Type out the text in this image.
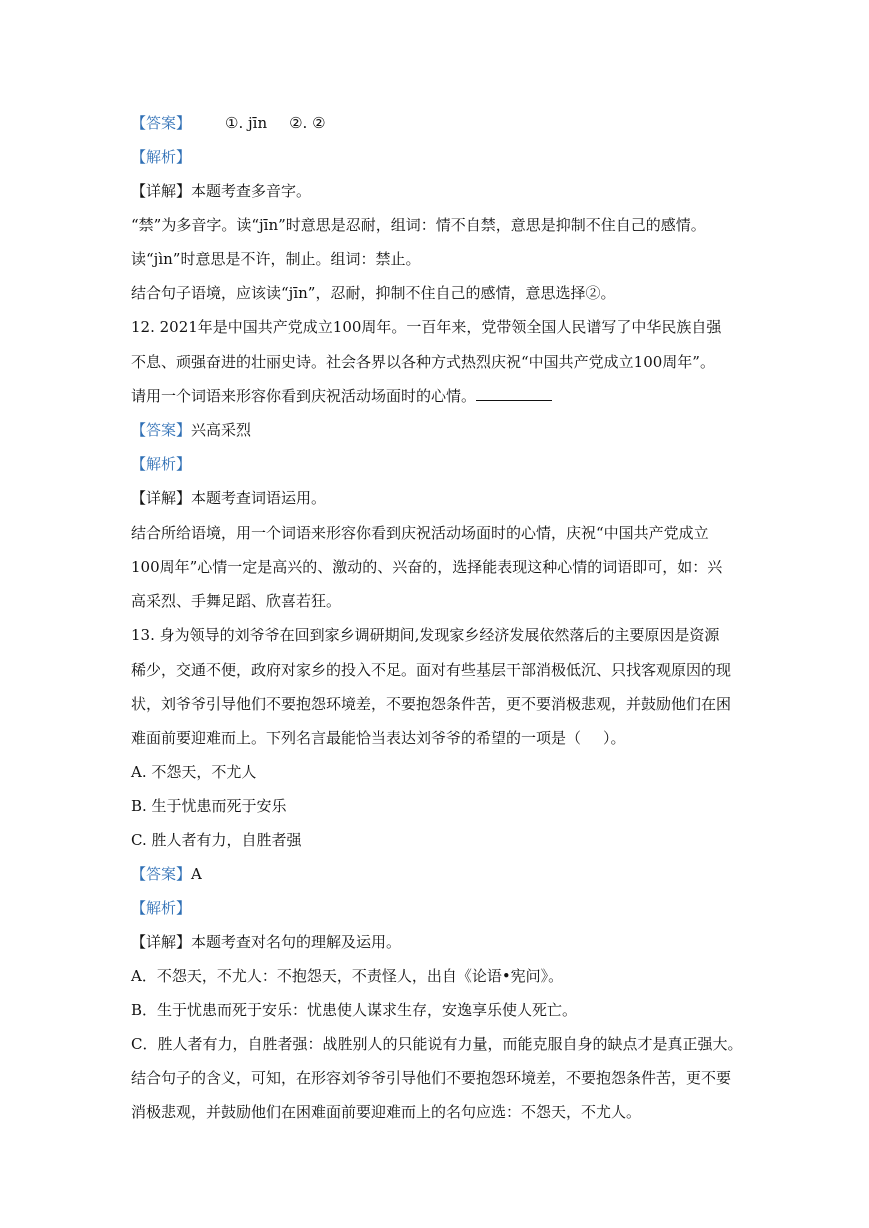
【答案】 ①. jīn ②. ②
【解析】
【详解】本题考查多音字。
“禁”为多音字。读“jīn”时意思是忍耐，组词：情不自禁，意思是抑制不住自己的感情。
读“jìn”时意思是不许，制止。组词：禁止。
结合句子语境，应该读“jīn”，忍耐，抑制不住自己的感情，意思选择②。
12. 2021年是中国共产党成立100周年。一百年来，党带领全国人民谱写了中华民族自强
不息、顽强奋进的壮丽史诗。社会各界以各种方式热烈庆祝“中国共产党成立100周年”。
请用一个词语来形容你看到庆祝活动场面时的心情。
【答案】兴高采烈
【解析】
【详解】本题考查词语运用。
结合所给语境，用一个词语来形容你看到庆祝活动场面时的心情，庆祝“中国共产党成立
100周年”心情一定是高兴的、激动的、兴奋的，选择能表现这种心情的词语即可，如：兴
高采烈、手舞足蹈、欣喜若狂。
13. 身为领导的刘爷爷在回到家乡调研期间,发现家乡经济发展依然落后的主要原因是资源
稀少，交通不便，政府对家乡的投入不足。面对有些基层干部消极低沉、只找客观原因的现
状，刘爷爷引导他们不要抱怨环境差，不要抱怨条件苦，更不要消极悲观，并鼓励他们在困
难面前要迎难而上。下列名言最能恰当表达刘爷爷的希望的一项是（ ）。
A. 不怨天，不尤人
B. 生于忧患而死于安乐
C. 胜人者有力，自胜者强
【答案】A
【解析】
【详解】本题考查对名句的理解及运用。
A．不怨天，不尤人：不抱怨天，不责怪人，出自《论语•宪问》。
B．生于忧患而死于安乐：忧患使人谋求生存，安逸享乐使人死亡。
C．胜人者有力，自胜者强：战胜别人的只能说有力量，而能克服自身的缺点才是真正强大。
结合句子的含义，可知，在形容刘爷爷引导他们不要抱怨环境差，不要抱怨条件苦，更不要
消极悲观，并鼓励他们在困难面前要迎难而上的名句应选：不怨天，不尤人。
